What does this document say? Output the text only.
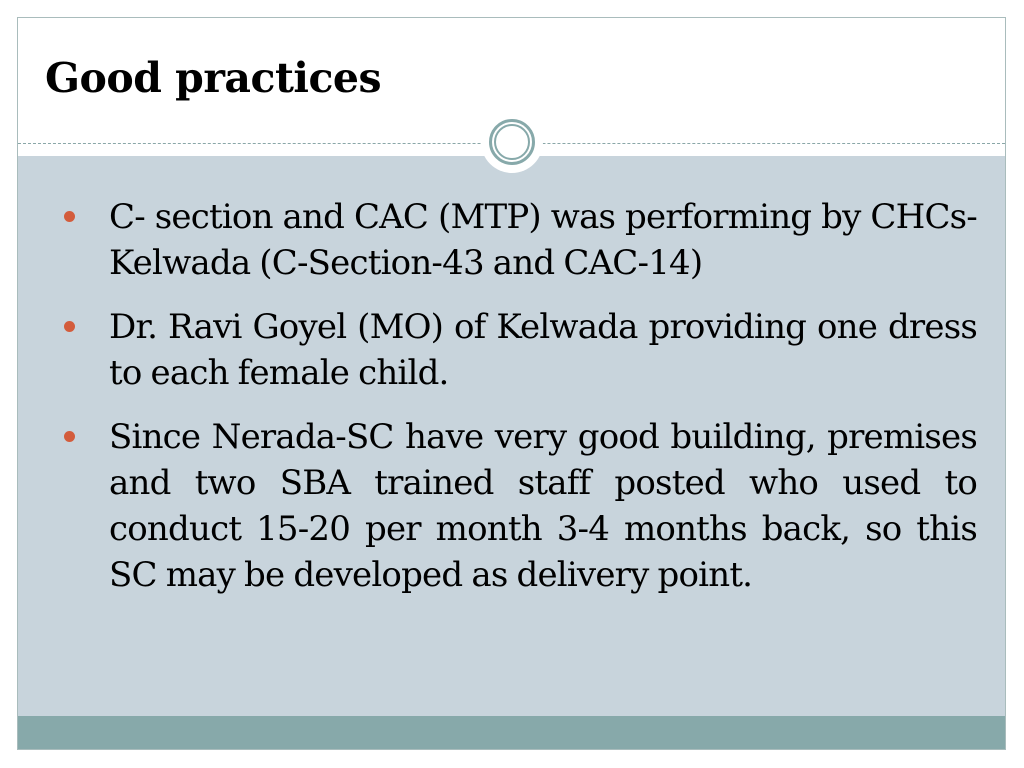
Good practices
C- section and CAC (MTP) was performing by CHCs-Kelwada (C-Section-43 and CAC-14)
Dr. Ravi Goyel (MO) of Kelwada providing one dress to each female child.
Since Nerada-SC have very good building, premises and two SBA trained staff posted who used to conduct 15-20 per month 3-4 months back, so this SC may be developed as delivery point.
